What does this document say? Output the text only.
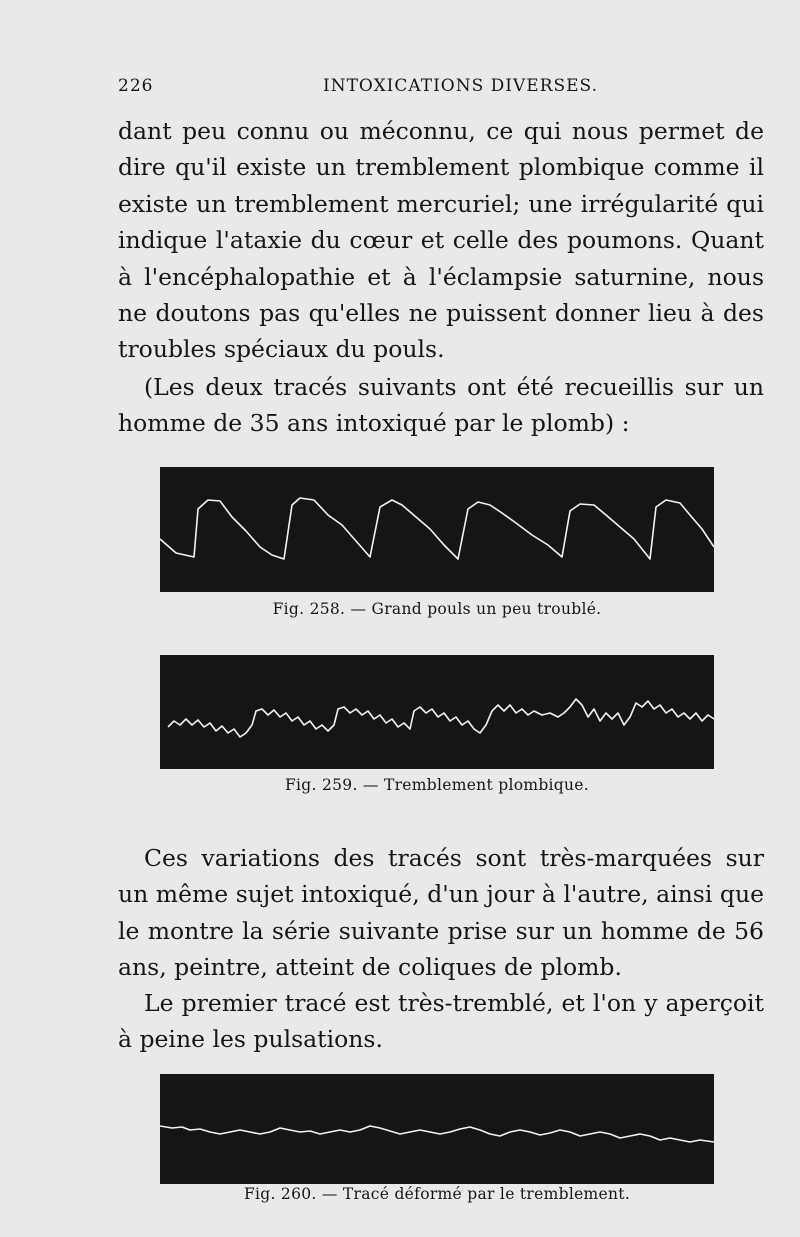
226	INTOXICATIONS DIVERSES.

dant peu connu ou méconnu, ce qui nous permet de dire qu'il existe un tremblement plombique comme il existe un tremblement mercuriel; une irrégularité qui indique l'ataxie du cœur et celle des poumons. Quant à l'encéphalopathie et à l'éclampsie saturnine, nous ne doutons pas qu'elles ne puissent donner lieu à des troubles spéciaux du pouls.

(Les deux tracés suivants ont été recueillis sur un homme de 35 ans intoxiqué par le plomb) :

Fig. 258. — Grand pouls un peu troublé.
Fig. 259. — Tremblement plombique.

Ces variations des tracés sont très-marquées sur un même sujet intoxiqué, d'un jour à l'autre, ainsi que le montre la série suivante prise sur un homme de 56 ans, peintre, atteint de coliques de plomb.

Le premier tracé est très-tremblé, et l'on y aperçoit à peine les pulsations.

Fig. 260. — Tracé déformé par le tremblement.
